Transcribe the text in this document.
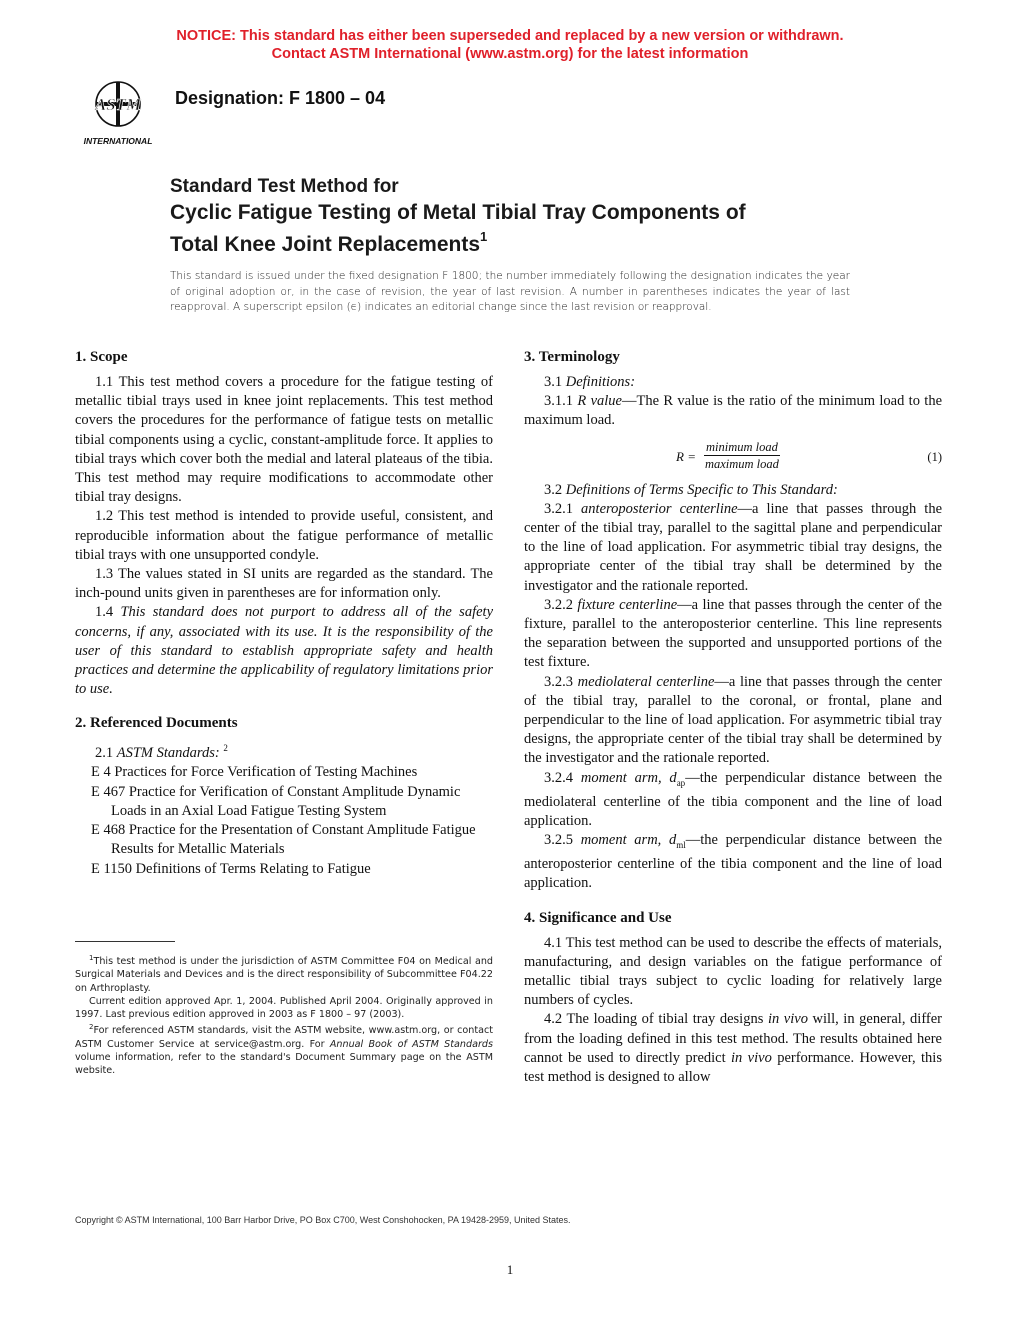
NOTICE: This standard has either been superseded and replaced by a new version or withdrawn.
Contact ASTM International (www.astm.org) for the latest information
ASTM
INTERNATIONAL
Designation: F 1800 – 04
Standard Test Method for
Cyclic Fatigue Testing of Metal Tibial Tray Components of
Total Knee Joint Replacements$^1$
This standard is issued under the fixed designation F 1800; the number immediately following the designation indicates the year of original adoption or, in the case of revision, the year of last revision. A number in parentheses indicates the year of last reapproval. A superscript epsilon (ϵ) indicates an editorial change since the last revision or reapproval.
1. Scope

1.1 This test method covers a procedure for the fatigue testing of metallic tibial trays used in knee joint replacements. This test method covers the procedures for the performance of fatigue tests on metallic tibial components using a cyclic, constant-amplitude force. It applies to tibial trays which cover both the medial and lateral plateaus of the tibia. This test method may require modifications to accommodate other tibial tray designs.

1.2 This test method is intended to provide useful, consistent, and reproducible information about the fatigue performance of metallic tibial trays with one unsupported condyle.

1.3 The values stated in SI units are regarded as the standard. The inch-pound units given in parentheses are for information only.

1.4 This standard does not purport to address all of the safety concerns, if any, associated with its use. It is the responsibility of the user of this standard to establish appropriate safety and health practices and determine the applicability of regulatory limitations prior to use.

2. Referenced Documents

2.1 ASTM Standards: $^2$

E 4 Practices for Force Verification of Testing Machines
E 467 Practice for Verification of Constant Amplitude Dynamic Loads in an Axial Load Fatigue Testing System
E 468 Practice for the Presentation of Constant Amplitude Fatigue Results for Metallic Materials
E 1150 Definitions of Terms Relating to Fatigue

$^1$This test method is under the jurisdiction of ASTM Committee F04 on Medical and Surgical Materials and Devices and is the direct responsibility of Subcommittee F04.22 on Arthroplasty.

Current edition approved Apr. 1, 2004. Published April 2004. Originally approved in 1997. Last previous edition approved in 2003 as F 1800 – 97 (2003).

$^2$For referenced ASTM standards, visit the ASTM website, www.astm.org, or contact ASTM Customer Service at service@astm.org. For Annual Book of ASTM Standards volume information, refer to the standard's Document Summary page on the ASTM website.

3. Terminology

3.1 Definitions:

3.1.1 R value—The R value is the ratio of the minimum load to the maximum load.

R =
minimum load
maximum load	(1)

3.2 Definitions of Terms Specific to This Standard:

3.2.1 anteroposterior centerline—a line that passes through the center of the tibial tray, parallel to the sagittal plane and perpendicular to the line of load application. For asymmetric tibial tray designs, the appropriate center of the tibial tray shall be determined by the investigator and the rationale reported.

3.2.2 fixture centerline—a line that passes through the center of the fixture, parallel to the anteroposterior centerline. This line represents the separation between the supported and unsupported portions of the test fixture.

3.2.3 mediolateral centerline—a line that passes through the center of the tibial tray, parallel to the coronal, or frontal, plane and perpendicular to the line of load application. For asymmetric tibial tray designs, the appropriate center of the tibial tray shall be determined by the investigator and the rationale reported.

3.2.4 moment arm, $d_{ap}—the$ perpendicular distance between the mediolateral centerline of the tibia component and the line of load application.

3.2.5 moment arm, $d_{ml}—the$ perpendicular distance between the anteroposterior centerline of the tibia component and the line of load application.

4. Significance and Use

4.1 This test method can be used to describe the effects of materials, manufacturing, and design variables on the fatigue performance of metallic tibial trays subject to cyclic loading for relatively large numbers of cycles.

4.2 The loading of tibial tray designs in vivo will, in general, differ from the loading defined in this test method. The results obtained here cannot be used to directly predict in vivo performance. However, this test method is designed to allow

Copyright © ASTM International, 100 Barr Harbor Drive, PO Box C700, West Conshohocken, PA 19428-2959, United States.
1
